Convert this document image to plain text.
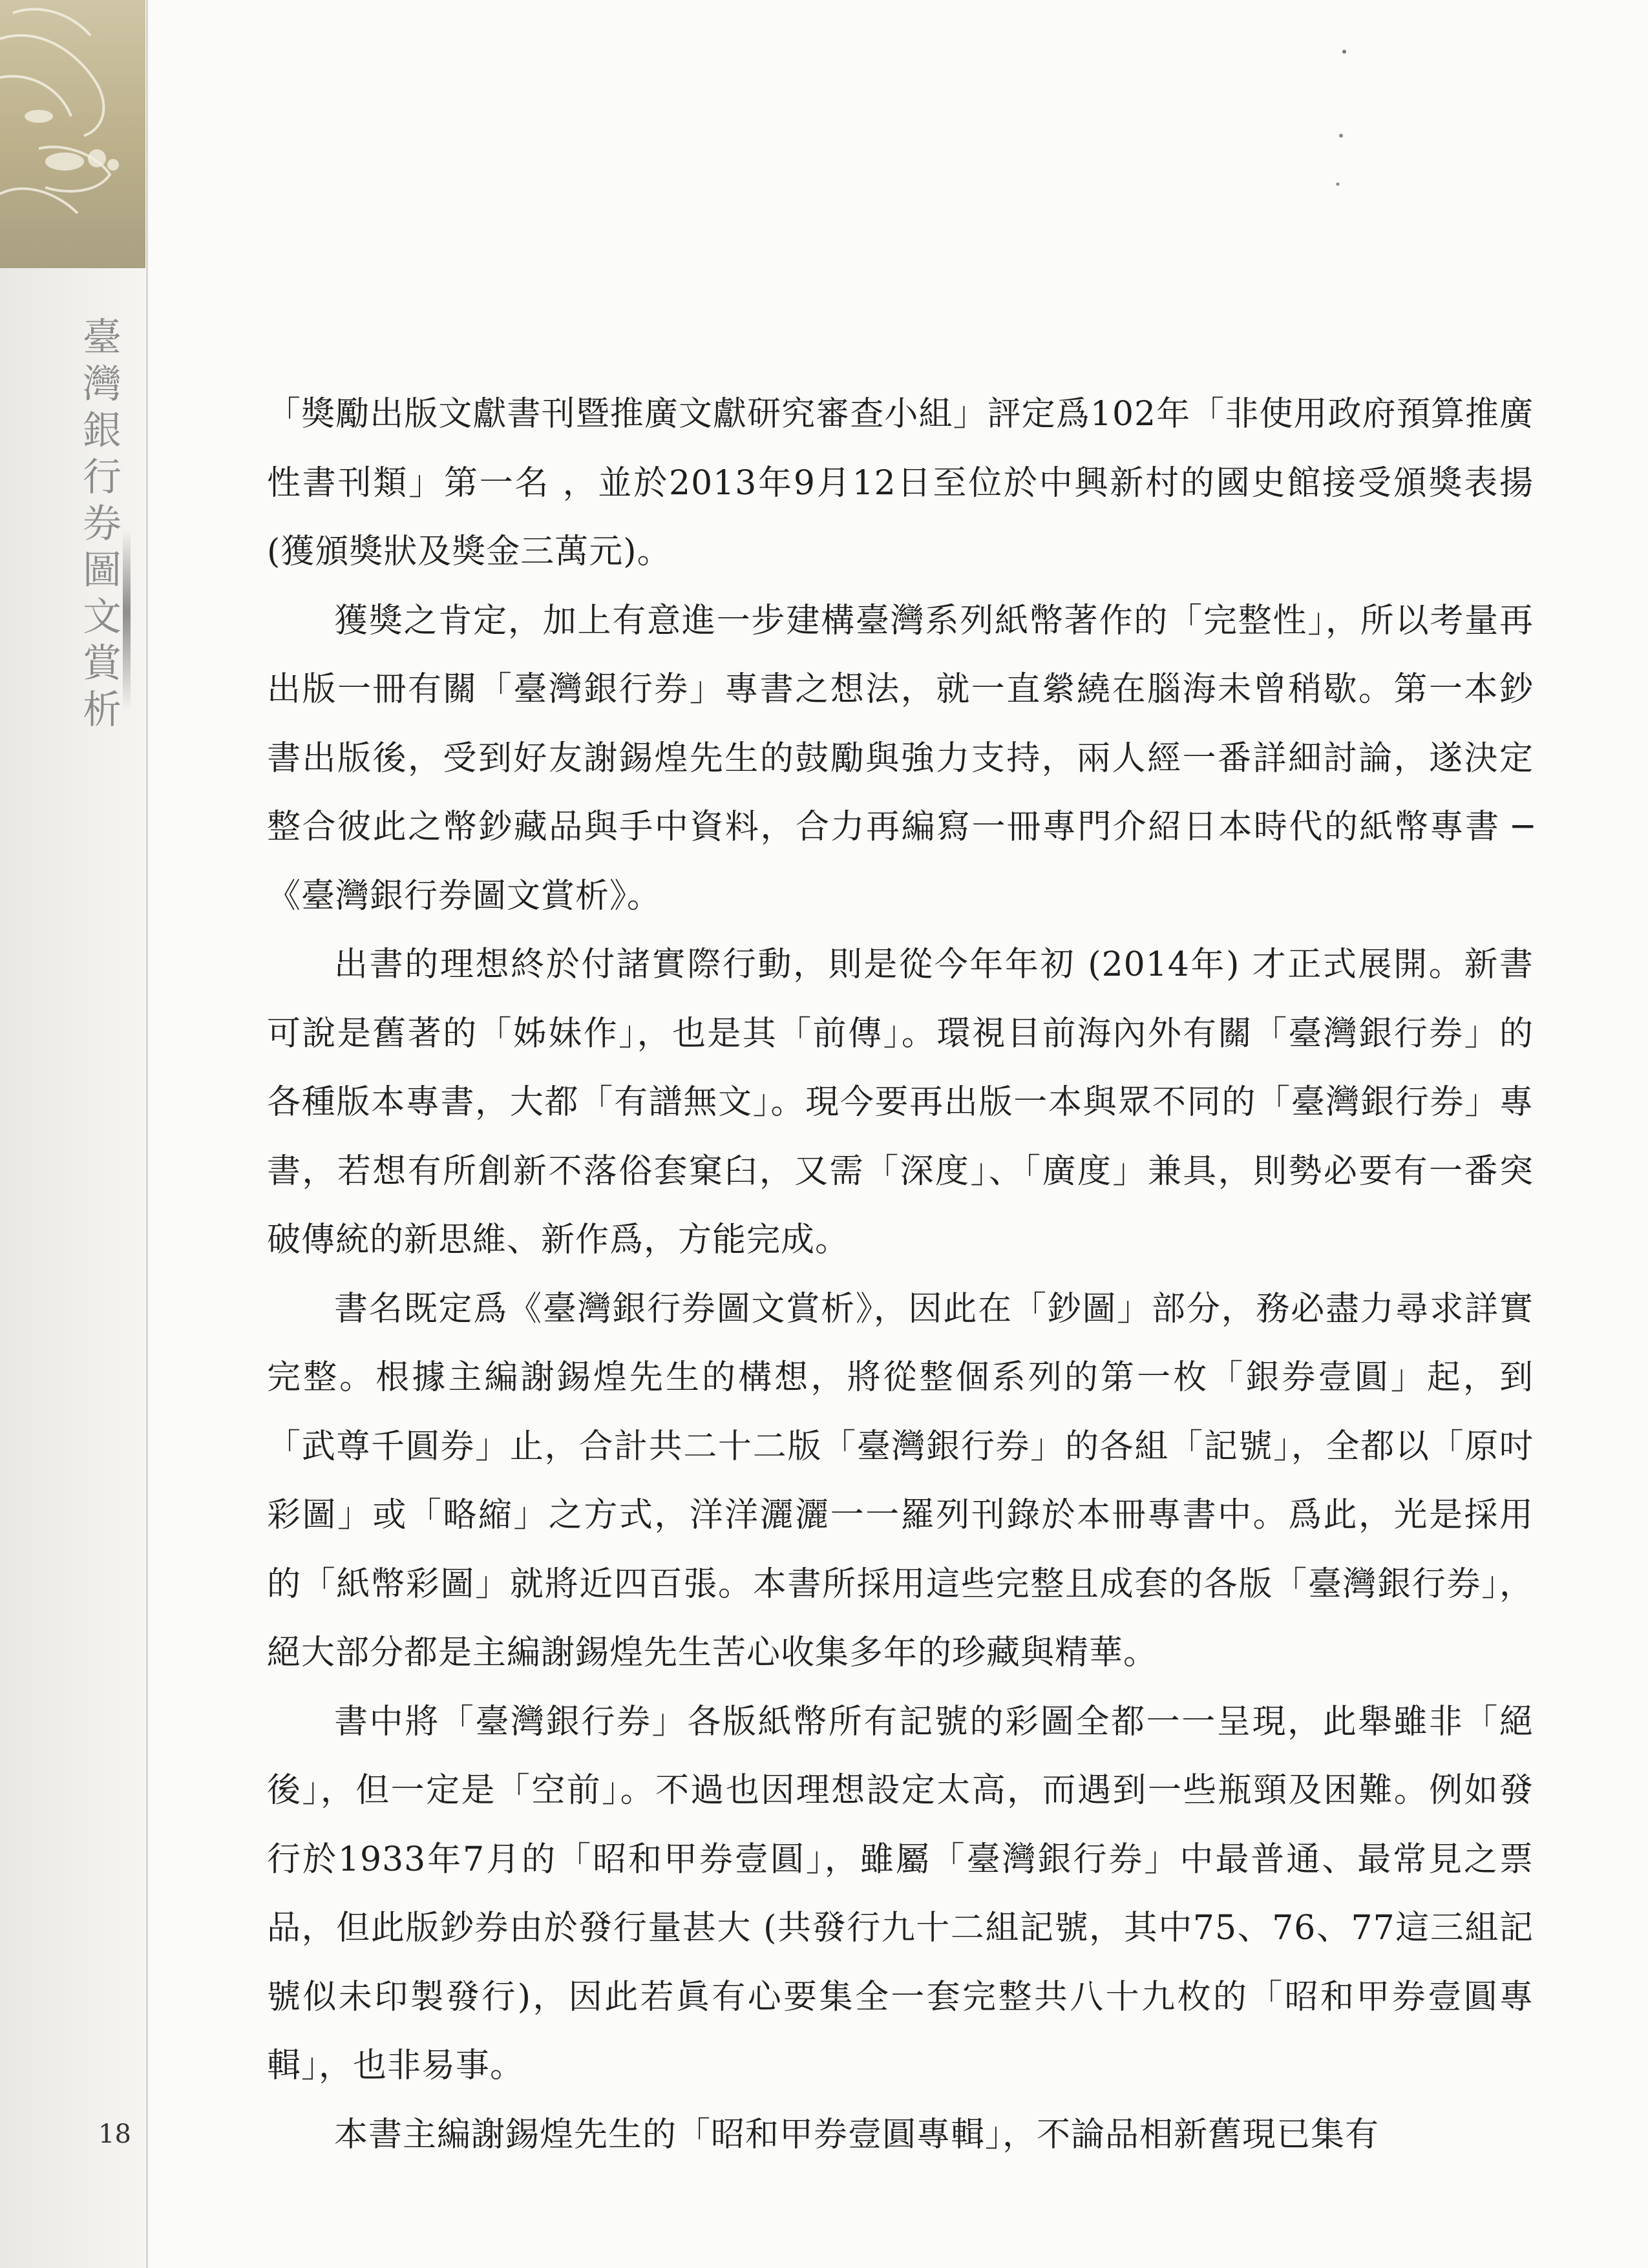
臺灣銀行券圖文賞析	「獎勵出版文獻書刊暨推廣文獻研究審查小組」評定爲102年「非使用政府預算推廣性書刊類」第一名 ，並於2013年9月12日至位於中興新村的國史館接受頒獎表揚(獲頒獎狀及獎金三萬元)。

獲獎之肯定，加上有意進一步建構臺灣系列紙幣著作的「完整性」，所以考量再出版一冊有關「臺灣銀行券」專書之想法，就一直縈繞在腦海未曾稍歇。第一本鈔書出版後，受到好友謝錫煌先生的鼓勵與強力支持，兩人經一番詳細討論，遂決定整合彼此之幣鈔藏品與手中資料，合力再編寫一冊專門介紹日本時代的紙幣專書 ─ 《臺灣銀行券圖文賞析》。

出書的理想終於付諸實際行動，則是從今年年初 (2014年) 才正式展開。新書可說是舊著的「姊妹作」，也是其「前傳」。環視目前海內外有關「臺灣銀行券」的各種版本專書，大都「有譜無文」。現今要再出版一本與眾不同的「臺灣銀行券」專書，若想有所創新不落俗套窠臼，又需「深度」、「廣度」兼具，則勢必要有一番突破傳統的新思維、新作爲，方能完成。

書名既定爲《臺灣銀行券圖文賞析》，因此在「鈔圖」部分，務必盡力尋求詳實完整。根據主編謝錫煌先生的構想，將從整個系列的第一枚「銀券壹圓」起，到「武尊千圓券」止，合計共二十二版「臺灣銀行券」的各組「記號」，全都以「原吋彩圖」或「略縮」之方式，洋洋灑灑一一羅列刊錄於本冊專書中。爲此，光是採用的「紙幣彩圖」就將近四百張。本書所採用這些完整且成套的各版「臺灣銀行券」，絕大部分都是主編謝錫煌先生苦心收集多年的珍藏與精華。

書中將「臺灣銀行券」各版紙幣所有記號的彩圖全都一一呈現，此舉雖非「絕後」，但一定是「空前」。不過也因理想設定太高，而遇到一些瓶頸及困難。例如發行於1933年7月的「昭和甲券壹圓」，雖屬「臺灣銀行券」中最普通、最常見之票品，但此版鈔券由於發行量甚大 (共發行九十二組記號，其中75、76、77這三組記號似未印製發行)，因此若眞有心要集全一套完整共八十九枚的「昭和甲券壹圓專輯」，也非易事。

本書主編謝錫煌先生的「昭和甲券壹圓專輯」，不論品相新舊現已集有

18
